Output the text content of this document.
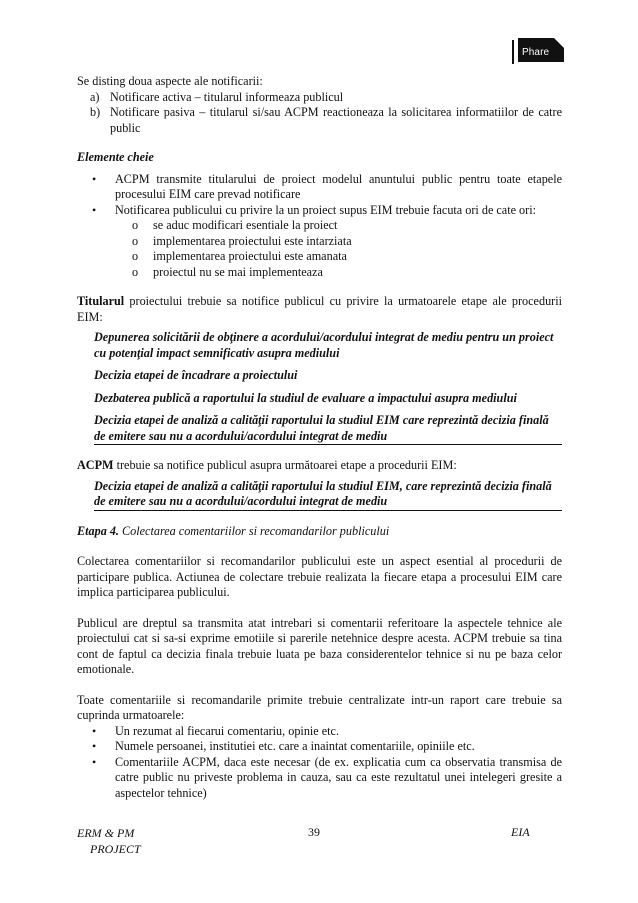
Phare

Se disting doua aspecte ale notificarii:

a) Notificare activa – titularul informeaza publicul
b) Notificare pasiva – titularul si/sau ACPM reactioneaza la solicitarea informatiilor de catre public

Elemente cheie

• ACPM transmite titularului de proiect modelul anuntului public pentru toate etapele procesului EIM care prevad notificare
• Notificarea publicului cu privire la un proiect supus EIM trebuie facuta ori de cate ori:
o se aduc modificari esentiale la proiect
o implementarea proiectului este intarziata
o implementarea proiectului este amanata
o proiectul nu se mai implementeaza

Titularul proiectului trebuie sa notifice publicul cu privire la urmatoarele etape ale procedurii EIM:

Depunerea solicitării de obţinere a acordului/acordului integrat de mediu pentru un proiect cu potenţial impact semnificativ asupra mediului

Decizia etapei de încadrare a proiectului

Dezbaterea publică a raportului la studiul de evaluare a impactului asupra mediului

Decizia etapei de analiză a calităţii raportului la studiul EIM care reprezintă decizia finală de emitere sau nu a acordului/acordului integrat de mediu

ACPM trebuie sa notifice publicul asupra următoarei etape a procedurii EIM:

Decizia etapei de analiză a calităţii raportului la studiul EIM, care reprezintă decizia finală de emitere sau nu a acordului/acordului integrat de mediu

Etapa 4. Colectarea comentariilor si recomandarilor publicului

Colectarea comentariilor si recomandarilor publicului este un aspect esential al procedurii de participare publica. Actiunea de colectare trebuie realizata la fiecare etapa a procesului EIM care implica participarea publicului.

Publicul are dreptul sa transmita atat intrebari si comentarii referitoare la aspectele tehnice ale proiectului cat si sa-si exprime emotiile si parerile netehnice despre acesta. ACPM trebuie sa tina cont de faptul ca decizia finala trebuie luata pe baza considerentelor tehnice si nu pe baza celor emotionale.

Toate comentariile si recomandarile primite trebuie centralizate intr-un raport care trebuie sa cuprinda urmatoarele:

• Un rezumat al fiecarui comentariu, opinie etc.
• Numele persoanei, institutiei etc. care a inaintat comentariile, opiniile etc.
• Comentariile ACPM, daca este necesar (de ex. explicatia cum ca observatia transmisa de catre public nu priveste problema in cauza, sau ca este rezultatul unei intelegeri gresite a aspectelor tehnice)
ERM & PM
PROJECT
39	EIA
